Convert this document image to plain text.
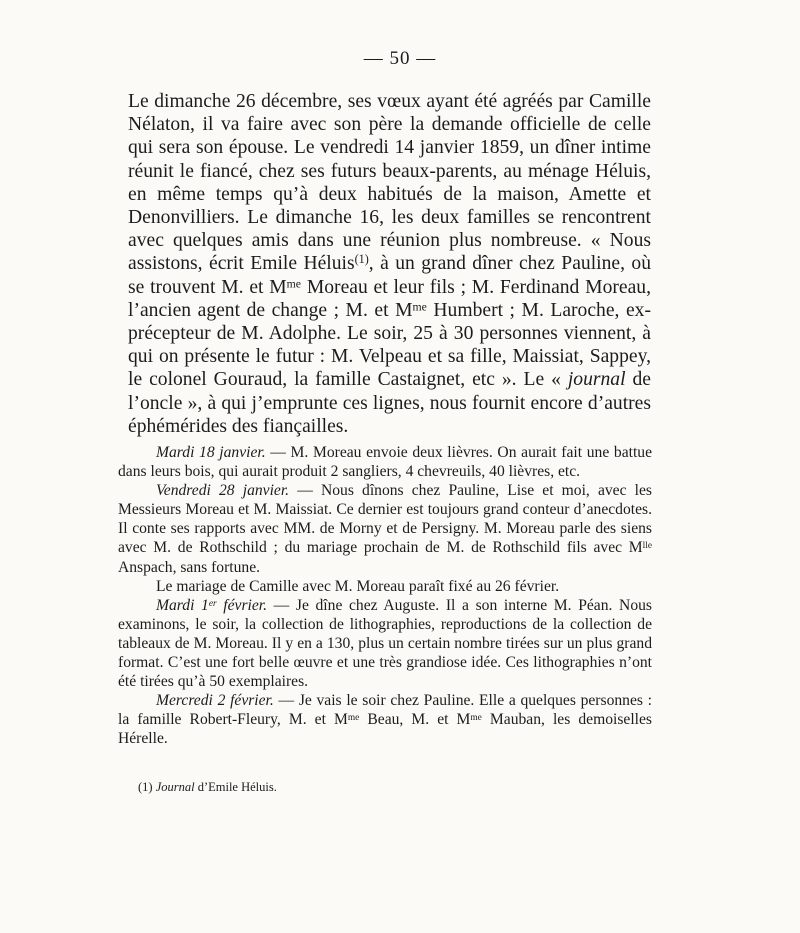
— 50 —

Le dimanche 26 décembre, ses vœux ayant été agréés par Camille Nélaton, il va faire avec son père la demande officielle de celle qui sera son épouse. Le vendredi 14 janvier 1859, un dîner intime réunit le fiancé, chez ses futurs beaux-parents, au ménage Héluis, en même temps qu’à deux habitués de la maison, Amette et Denonvilliers. Le dimanche 16, les deux familles se rencontrent avec quelques amis dans une réunion plus nombreuse. « Nous assistons, écrit Emile Héluis$^{(1)}$, à un grand dîner chez Pauline, où se trouvent M. et $M^{me}$ Moreau et leur fils ; M. Ferdinand Moreau, l’ancien agent de change ; M. et $M^{me}$ Humbert ; M. Laroche, ex-précepteur de M. Adolphe. Le soir, 25 à 30 personnes viennent, à qui on présente le futur : M. Velpeau et sa fille, Maissiat, Sappey, le colonel Gouraud, la famille Castaignet, etc ». Le « journal de l’oncle », à qui j’emprunte ces lignes, nous fournit encore d’autres éphémérides des fiançailles.

Mardi 18 janvier. — M. Moreau envoie deux lièvres. On aurait fait une battue dans leurs bois, qui aurait produit 2 sangliers, 4 chevreuils, 40 lièvres, etc.

Vendredi 28 janvier. — Nous dînons chez Pauline, Lise et moi, avec les Messieurs Moreau et M. Maissiat. Ce dernier est toujours grand conteur d’anecdotes. Il conte ses rapports avec MM. de Morny et de Persigny. M. Moreau parle des siens avec M. de Rothschild ; du mariage prochain de M. de Rothschild fils avec $M^{lle}$ Anspach, sans fortune.

Le mariage de Camille avec M. Moreau paraît fixé au 26 février.

Mardi 1er février. — Je dîne chez Auguste. Il a son interne M. Péan. Nous examinons, le soir, la collection de lithographies, reproductions de la collection de tableaux de M. Moreau. Il y en a 130, plus un certain nombre tirées sur un plus grand format. C’est une fort belle œuvre et une très grandiose idée. Ces lithographies n’ont été tirées qu’à 50 exemplaires.

Mercredi 2 février. — Je vais le soir chez Pauline. Elle a quelques personnes : la famille Robert-Fleury, M. et $M^{me}$ Beau, M. et $M^{me}$ Mauban, les demoiselles Hérelle.

(1) Journal d’Emile Héluis.
